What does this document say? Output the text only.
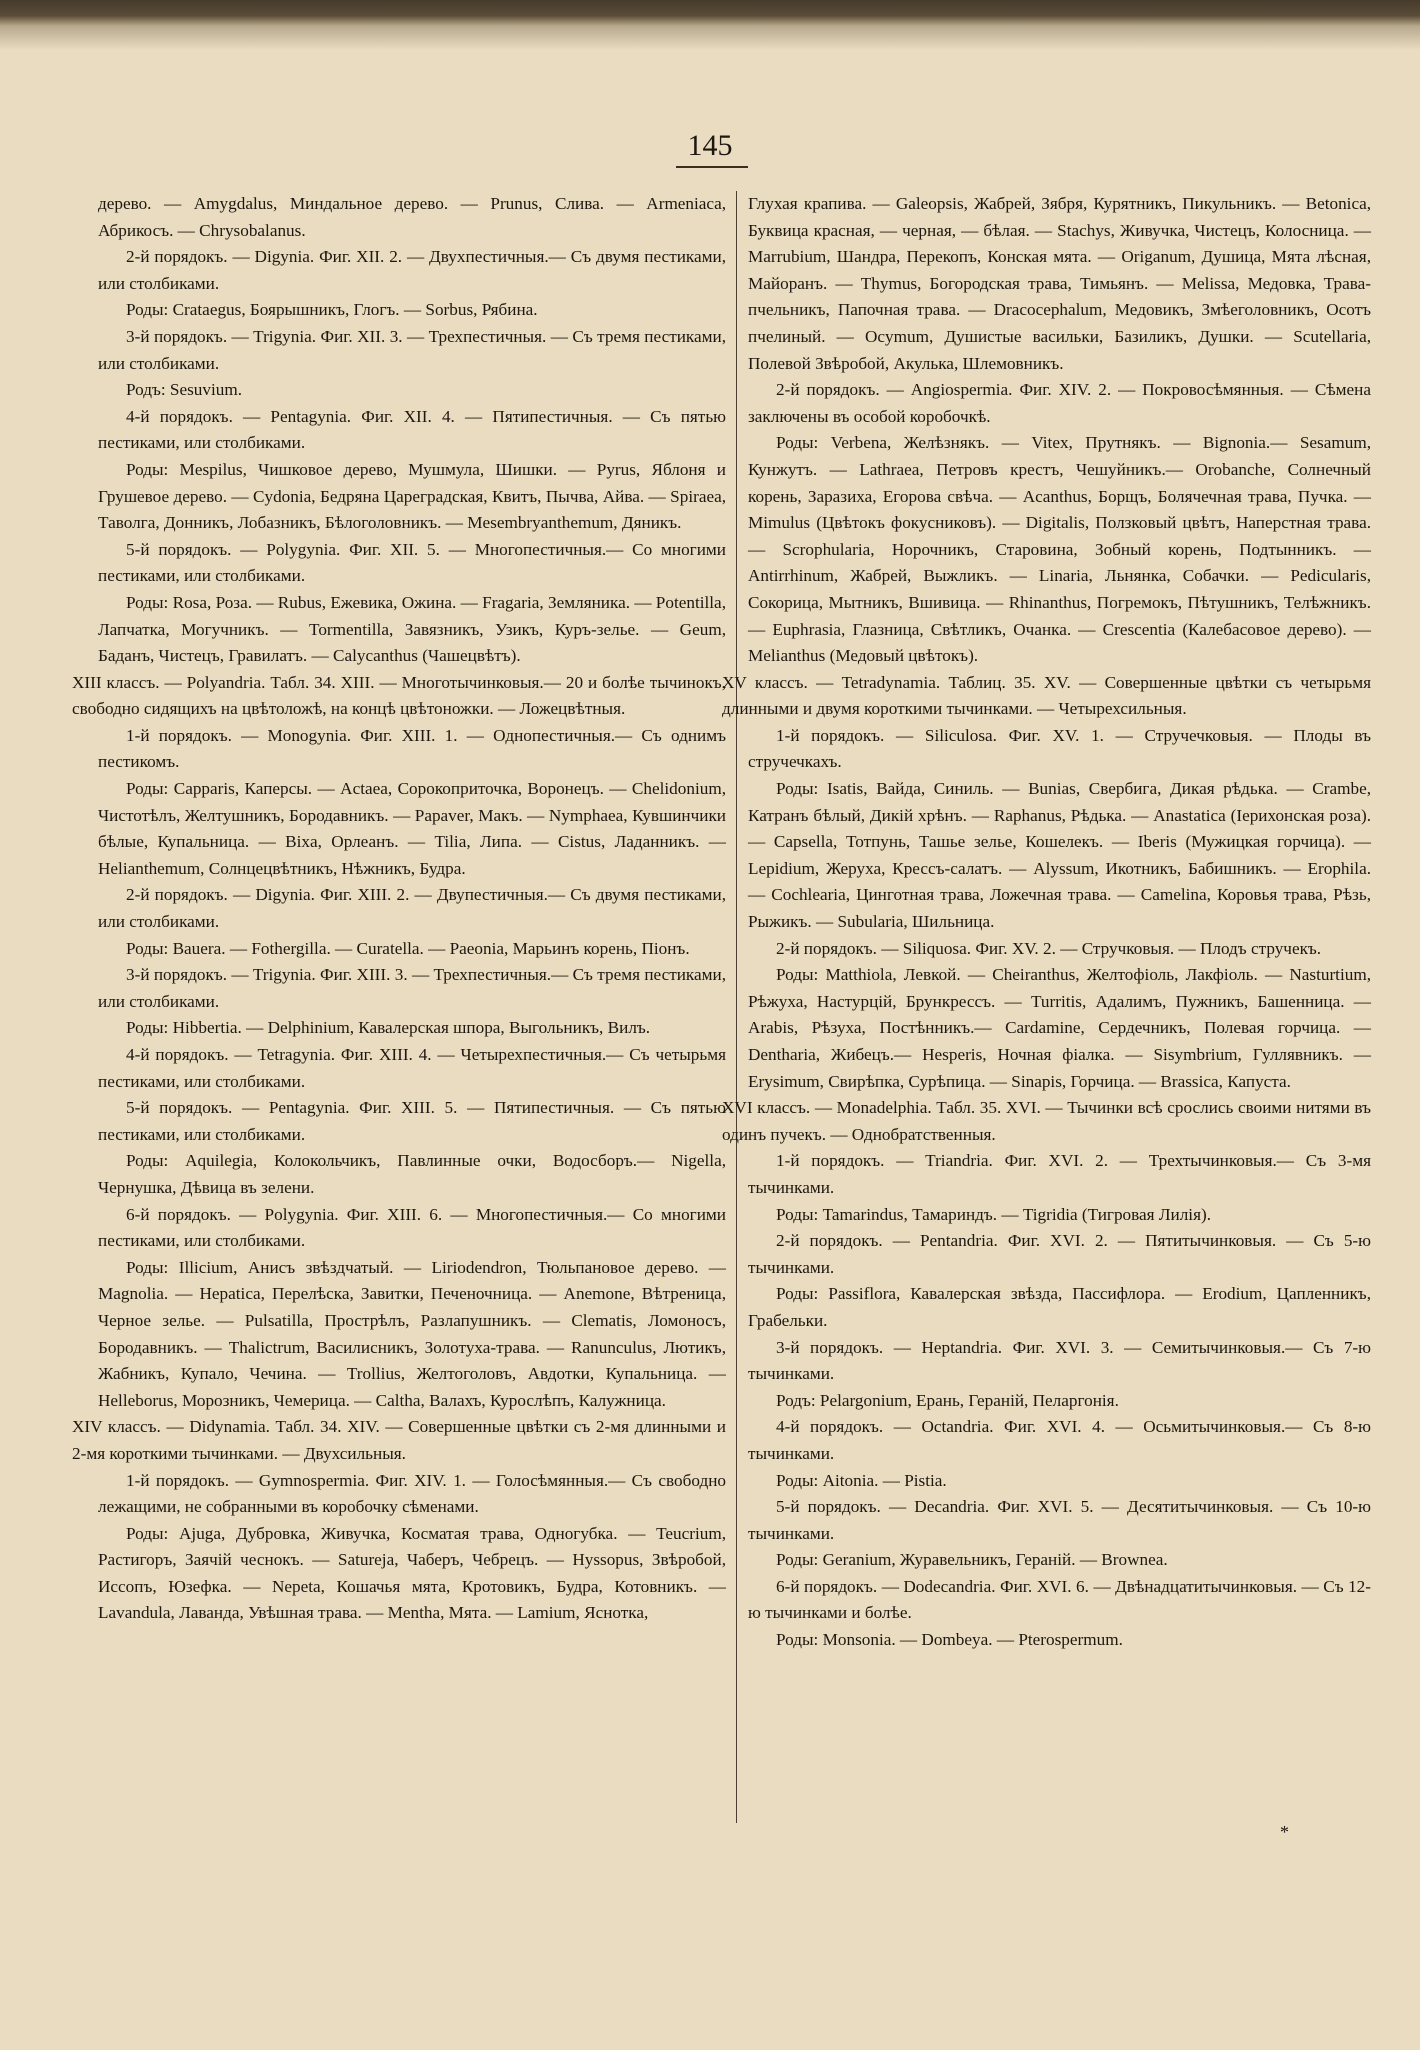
145

дерево. — Amygdalus, Миндальное дерево. — Prunus, Слива. — Armeniaca, Абрикосъ. — Chrysobalanus.

2-й порядокъ. — Digynia. Фиг. XII. 2. — Двухпестичныя.— Съ двумя пестиками, или столбиками.

Роды: Crataegus, Боярышникъ, Глогъ. — Sorbus, Рябина.

3-й порядокъ. — Trigynia. Фиг. XII. 3. — Трехпестичныя. — Съ тремя пестиками, или столбиками.

Родъ: Sesuvium.

4-й порядокъ. — Pentagynia. Фиг. XII. 4. — Пятипестичныя. — Съ пятью пестиками, или столбиками.

Роды: Mespilus, Чишковое дерево, Мушмула, Шишки. — Pyrus, Яблоня и Грушевое дерево. — Cydonia, Бедряна Цареградская, Квитъ, Пычва, Айва. — Spiraea, Таволга, Донникъ, Лобазникъ, Бѣлоголовникъ. — Mesembryanthemum, Дяникъ.

5-й порядокъ. — Polygynia. Фиг. XII. 5. — Многопестичныя.— Со многими пестиками, или столбиками.

Роды: Rosa, Роза. — Rubus, Ежевика, Ожина. — Fragaria, Земляника. — Potentilla, Лапчатка, Могучникъ. — Tormentilla, Завязникъ, Узикъ, Куръ-зелье. — Geum, Баданъ, Чистецъ, Гравилатъ. — Calycanthus (Чашецвѣтъ).

XIII классъ. — Polyandria. Табл. 34. XIII. — Многотычинковыя.— 20 и болѣе тычинокъ, свободно сидящихъ на цвѣтоложѣ, на концѣ цвѣтоножки. — Ложецвѣтныя.

1-й порядокъ. — Monogynia. Фиг. XIII. 1. — Однопестичныя.— Съ однимъ пестикомъ.

Роды: Capparis, Каперсы. — Actaea, Сорокоприточка, Воронецъ. — Chelidonium, Чистотѣлъ, Желтушникъ, Бородавникъ. — Papaver, Макъ. — Nymphaea, Кувшинчики бѣлые, Купальница. — Bixa, Орлеанъ. — Tilia, Липа. — Cistus, Ладанникъ. — Helianthemum, Солнцецвѣтникъ, Нѣжникъ, Будра.

2-й порядокъ. — Digynia. Фиг. XIII. 2. — Двупестичныя.— Съ двумя пестиками, или столбиками.

Роды: Bauera. — Fothergilla. — Curatella. — Paeonia, Марьинъ корень, Піонъ.

3-й порядокъ. — Trigynia. Фиг. XIII. 3. — Трехпестичныя.— Съ тремя пестиками, или столбиками.

Роды: Hibbertia. — Delphinium, Кавалерская шпора, Выгольникъ, Вилъ.

4-й порядокъ. — Tetragynia. Фиг. XIII. 4. — Четырехпестичныя.— Съ четырьмя пестиками, или столбиками.

5-й порядокъ. — Pentagynia. Фиг. XIII. 5. — Пятипестичныя. — Съ пятью пестиками, или столбиками.

Роды: Aquilegia, Колокольчикъ, Павлинные очки, Водосборъ.— Nigella, Чернушка, Дѣвица въ зелени.

6-й порядокъ. — Polygynia. Фиг. XIII. 6. — Многопестичныя.— Со многими пестиками, или столбиками.

Роды: Illicium, Анисъ звѣздчатый. — Liriodendron, Тюльпановое дерево. — Magnolia. — Hepatica, Перелѣска, Завитки, Печеночница. — Anemone, Вѣтреница, Черное зелье. — Pulsatilla, Прострѣлъ, Разлапушникъ. — Clematis, Ломоносъ, Бородавникъ. — Thalictrum, Василисникъ, Золотуха-трава. — Ranunculus, Лютикъ, Жабникъ, Купало, Чечина. — Trollius, Желтоголовъ, Авдотки, Купальница. — Helleborus, Морозникъ, Чемерица. — Caltha, Валахъ, Курослѣпъ, Калужница.

XIV классъ. — Didynamia. Табл. 34. XIV. — Совершенные цвѣтки съ 2-мя длинными и 2-мя короткими тычинками. — Двухсильныя.

1-й порядокъ. — Gymnospermia. Фиг. XIV. 1. — Голосѣмянныя.— Съ свободно лежащими, не собранными въ коробочку сѣменами.

Роды: Ajuga, Дубровка, Живучка, Косматая трава, Одногубка. — Teucrium, Растигоръ, Заячій чеснокъ. — Satureja, Чаберъ, Чебрецъ. — Hyssopus, Звѣробой, Иссопъ, Юзефка. — Nepeta, Кошачья мята, Кротовикъ, Будра, Котовникъ. — Lavandula, Лаванда, Увѣшная трава. — Mentha, Мята. — Lamium, Яснотка,

Глухая крапива. — Galeopsis, Жабрей, Зября, Курятникъ, Пикульникъ. — Betonica, Буквица красная, — черная, — бѣлая. — Stachys, Живучка, Чистецъ, Колосница. — Marrubium, Шандра, Перекопъ, Конская мята. — Origanum, Душица, Мята лѣсная, Майоранъ. — Thymus, Богородская трава, Тимьянъ. — Melissa, Медовка, Трава-пчельникъ, Папочная трава. — Dracocephalum, Медовикъ, Змѣеголовникъ, Осотъ пчелиный. — Ocymum, Душистые васильки, Базиликъ, Душки. — Scutellaria, Полевой Звѣробой, Акулька, Шлемовникъ.

2-й порядокъ. — Angiospermia. Фиг. XIV. 2. — Покровосѣмянныя. — Сѣмена заключены въ особой коробочкѣ.

Роды: Verbena, Желѣзнякъ. — Vitex, Прутнякъ. — Bignonia.— Sesamum, Кунжутъ. — Lathraea, Петровъ крестъ, Чешуйникъ.— Orobanche, Солнечный корень, Заразиха, Егорова свѣча. — Acanthus, Борщъ, Болячечная трава, Пучка. — Mimulus (Цвѣтокъ фокусниковъ). — Digitalis, Ползковый цвѣтъ, Наперстная трава. — Scrophularia, Норочникъ, Старовина, Зобный корень, Подтынникъ. — Antirrhinum, Жабрей, Выжликъ. — Linaria, Льнянка, Собачки. — Pedicularis, Сокорица, Мытникъ, Вшивица. — Rhinanthus, Погремокъ, Пѣтушникъ, Телѣжникъ. — Euphrasia, Глазница, Свѣтликъ, Очанка. — Crescentia (Калебасовое дерево). — Melianthus (Медовый цвѣтокъ).

XV классъ. — Tetradynamia. Таблиц. 35. XV. — Совершенные цвѣтки съ четырьмя длинными и двумя короткими тычинками. — Четырехсильныя.

1-й порядокъ. — Siliculosa. Фиг. XV. 1. — Стручечковыя. — Плоды въ стручечкахъ.

Роды: Isatis, Вайда, Синиль. — Bunias, Свербига, Дикая рѣдька. — Crambe, Катранъ бѣлый, Дикій хрѣнъ. — Raphanus, Рѣдька. — Anastatica (Іерихонская роза). — Capsella, Тотпунь, Ташье зелье, Кошелекъ. — Iberis (Мужицкая горчица). — Lepidium, Жеруха, Крессъ-салатъ. — Alyssum, Икотникъ, Бабишникъ. — Erophila. — Cochlearia, Цинготная трава, Ложечная трава. — Camelina, Коровья трава, Рѣзь, Рыжикъ. — Subularia, Шильница.

2-й порядокъ. — Siliquosa. Фиг. XV. 2. — Стручковыя. — Плодъ стручекъ.

Роды: Matthiola, Левкой. — Cheiranthus, Желтофіоль, Лакфіоль. — Nasturtium, Рѣжуха, Настурцій, Брункрессъ. — Turritis, Адалимъ, Пужникъ, Башенница. — Arabis, Рѣзуха, Постѣнникъ.— Cardamine, Сердечникъ, Полевая горчица. — Dentharia, Жибецъ.— Hesperis, Ночная фіалка. — Sisymbrium, Гуллявникъ. — Erysimum, Свирѣпка, Сурѣпица. — Sinapis, Горчица. — Brassica, Капуста.

XVI классъ. — Monadelphia. Табл. 35. XVI. — Тычинки всѣ срослись своими нитями въ одинъ пучекъ. — Однобратственныя.

1-й порядокъ. — Triandria. Фиг. XVI. 2. — Трехтычинковыя.— Съ 3-мя тычинками.

Роды: Tamarindus, Тамариндъ. — Tigridia (Тигровая Лилія).

2-й порядокъ. — Pentandria. Фиг. XVI. 2. — Пятитычинковыя. — Съ 5-ю тычинками.

Роды: Passiflora, Кавалерская звѣзда, Пассифлора. — Erodium, Цапленникъ, Грабельки.

3-й порядокъ. — Heptandria. Фиг. XVI. 3. — Семитычинковыя.— Съ 7-ю тычинками.

Родъ: Pelargonium, Ерань, Геранiй, Пеларгонія.

4-й порядокъ. — Octandria. Фиг. XVI. 4. — Осьмитычинковыя.— Съ 8-ю тычинками.

Роды: Aitonia. — Pistia.

5-й порядокъ. — Decandria. Фиг. XVI. 5. — Десятитычинковыя. — Съ 10-ю тычинками.

Роды: Geranium, Журавельникъ, Геранiй. — Brownea.

6-й порядокъ. — Dodecandria. Фиг. XVI. 6. — Двѣнадцатитычинковыя. — Съ 12-ю тычинками и болѣе.

Роды: Monsonia. — Dombeya. — Pterospermum.

*
